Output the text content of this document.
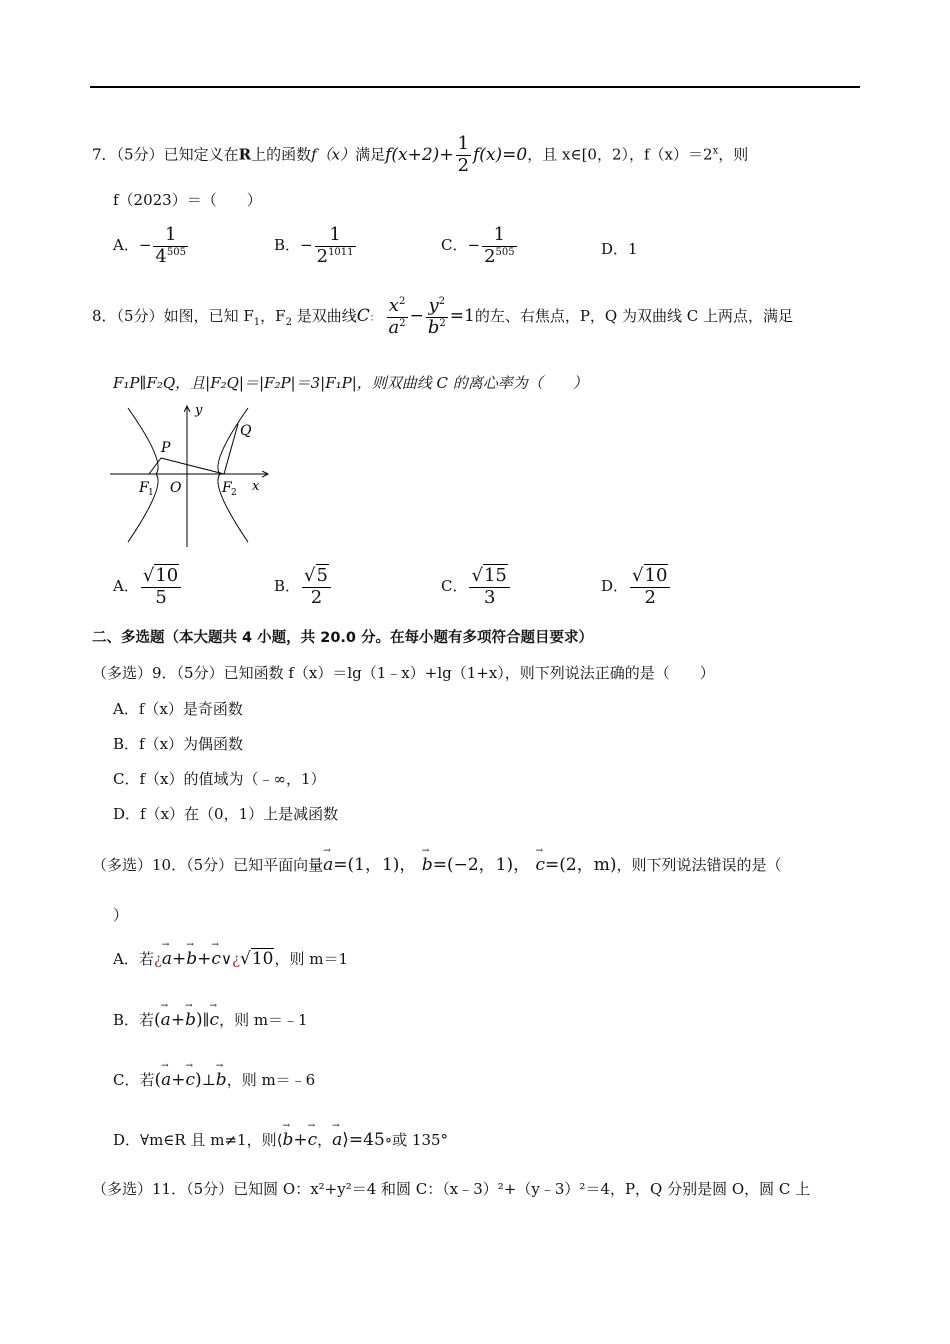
7．（5分）已知定义在R上的函数f（x）满足$f(x+2)+ \frac{1}{2} f(x)=0$，且 x∈[0，2），$f(x)=2^x$，则
f（2023）＝（　　）
A．− $\frac{1}{4^{505}}$	B．− $\frac{1}{2^{1011}}$	C．− $\frac{1}{2^{505}}$	D．1
8．（5分）如图，已知 $F_1$，$F_2$ 是双曲线C： $\frac{x^2}{a^2} - \frac{y^2}{b^2} =1$的左、右焦点，P，Q 为双曲线 C 上两点，满足
F₁P∥F₂Q，且|F₂Q|＝|F₂P|＝3|F₁P|，则双曲线 C 的离心率为（　　）
P
Q
y
x
O
F 1	F 2
A． $\frac{√10}{5}$	B． $\frac{√5}{2}$	C． $\frac{√15}{3}$	D． $\frac{√10}{2}$
二、多选题（本大题共 4 小题，共 20.0 分。在每小题有多项符合题目要求）
（多选）9．（5分）已知函数 f（x）＝lg（1﹣x）+lg（1+x），则下列说法正确的是（　　）
A．f（x）是奇函数
B．f（x）为偶函数
C．f（x）的值域为（﹣∞，1）
D．f（x）在（0，1）上是减函数
（多选）10．（5分）已知平面向量→ a=(1，1)， → b=(−2，1)， → c=(2，m)，则下列说法错误的是（
）
A．若¿→ a+→ b+→ c∨¿√10，则 m＝1
B．若(→ a+→ b)∥→ c，则 m＝﹣1
C．若(→ a+→ c)⊥→ b，则 m＝﹣6
D．∀m∈R 且 m≠1，则⟨→ b+→ c，→ a⟩=45∘或 135°
（多选）11．（5分）已知圆 O：x²+y²＝4 和圆 C：（x﹣3）²+（y﹣3）²＝4，P，Q 分别是圆 O，圆 C 上
